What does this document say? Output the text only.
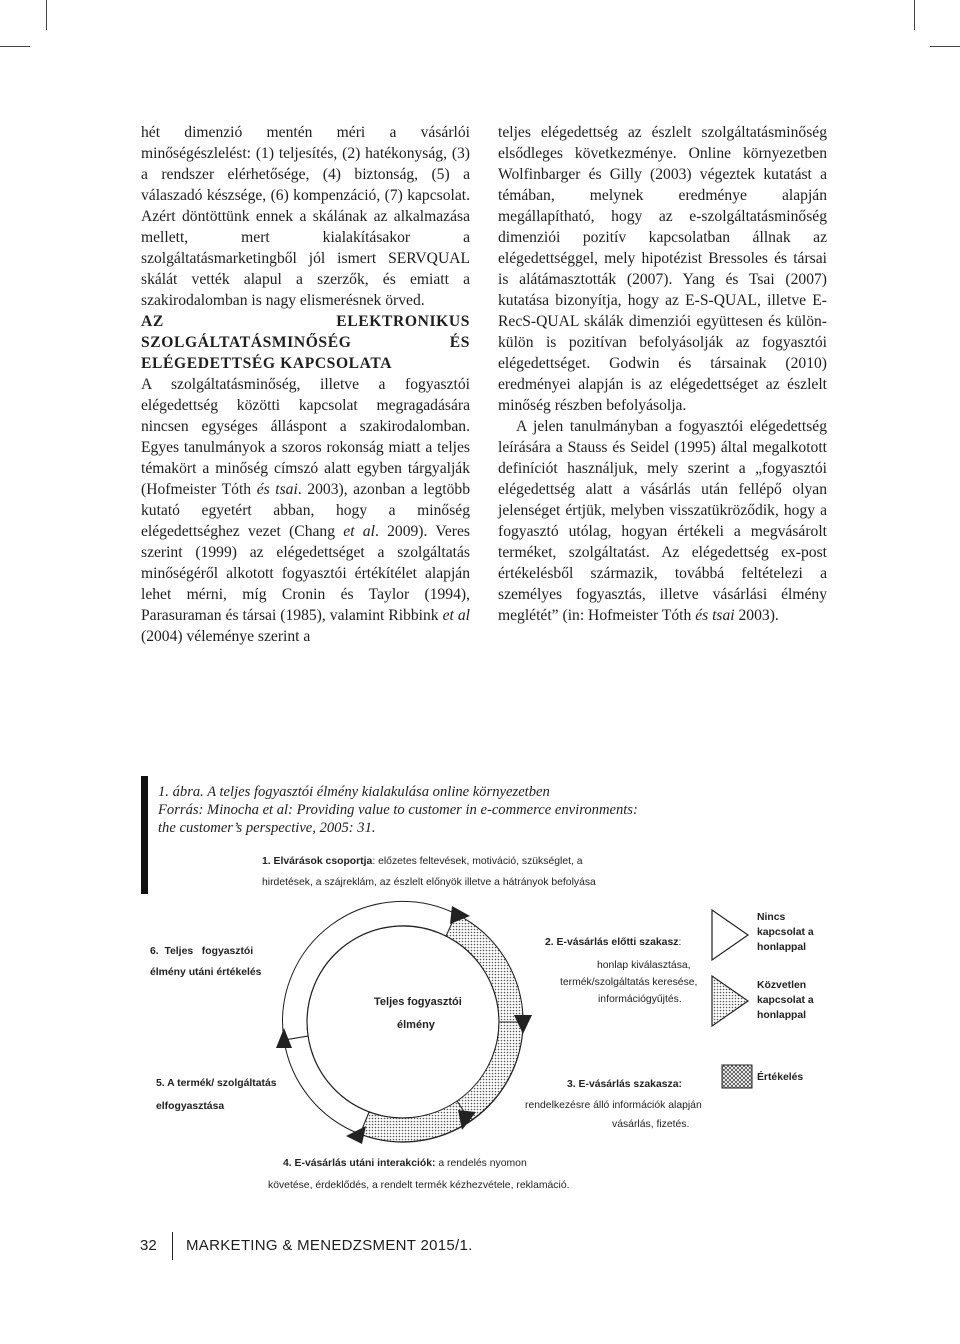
hét dimenzió mentén méri a vásárlói minőségészlelést: (1) teljesítés, (2) hatékonyság, (3) a rendszer elérhetősége, (4) biztonság, (5) a válaszadó készsége, (6) kompenzáció, (7) kapcsolat. Azért döntöttünk ennek a skálának az alkalmazása mellett, mert kialakításakor a szolgáltatásmarketingből jól ismert SERVQUAL skálát vették alapul a szerzők, és emiatt a szakirodalomban is nagy elismerésnek örved.

AZ ELEKTRONIKUS SZOLGÁLTATÁSMINŐSÉG ÉS ELÉGEDETTSÉG KAPCSOLATA

A szolgáltatásminőség, illetve a fogyasztói elégedettség közötti kapcsolat megragadására nincsen egységes álláspont a szakirodalomban. Egyes tanulmányok a szoros rokonság miatt a teljes témakört a minőség címszó alatt egyben tárgyalják (Hofmeister Tóth és tsai. 2003), azonban a legtöbb kutató egyetért abban, hogy a minőség elégedettséghez vezet (Chang et al. 2009). Veres szerint (1999) az elégedettséget a szolgáltatás minőségéről alkotott fogyasztói értékítélet alapján lehet mérni, míg Cronin és Taylor (1994), Parasuraman és társai (1985), valamint Ribbink et al (2004) véleménye szerint a

teljes elégedettség az észlelt szolgáltatásminőség elsődleges következménye. Online környezetben Wolfinbarger és Gilly (2003) végeztek kutatást a témában, melynek eredménye alapján megállapítható, hogy az e-szolgáltatásminőség dimenziói pozitív kapcsolatban állnak az elégedettséggel, mely hipotézist Bressoles és társai is alátámasztották (2007). Yang és Tsai (2007) kutatása bizonyítja, hogy az E-S-QUAL, illetve E-RecS-QUAL skálák dimenziói együttesen és külön-külön is pozitívan befolyásolják az fogyasztói elégedettséget. Godwin és társainak (2010) eredményei alapján is az elégedettséget az észlelt minőség részben befolyásolja.

A jelen tanulmányban a fogyasztói elégedettség leírására a Stauss és Seidel (1995) által megalkotott definíciót használjuk, mely szerint a „fogyasztói elégedettség alatt a vásárlás után fellépő olyan jelenséget értjük, melyben visszatükröződik, hogy a fogyasztó utólag, hogyan értékeli a megvásárolt terméket, szolgáltatást. Az elégedettség ex-post értékelésből származik, továbbá feltételezi a személyes fogyasztás, illetve vásárlási élmény meglétét” (in: Hofmeister Tóth és tsai 2003).

1. ábra. A teljes fogyasztói élmény kialakulása online környezetben
Forrás: Minocha et al: Providing value to customer in e-commerce environments:
the customer’s perspective, 2005: 31.
Teljes fogyasztói
élmény
1. Elvárások csoportja: előzetes feltevések, motiváció, szükséglet, a
hirdetések, a szájreklám, az észlelt előnyök illetve a hátrányok befolyása
2. E-vásárlás előtti szakasz:
honlap kiválasztása,
termék/szolgáltatás keresése,
információgyűjtés.
3. E-vásárlás szakasza:
rendelkezésre álló információk alapján
vásárlás, fizetés.
4. E-vásárlás utáni interakciók: a rendelés nyomon
követése, érdeklődés, a rendelt termék kézhezvétele, reklamáció.
5. A termék/ szolgáltatás
elfogyasztása
6.  Teljes   fogyasztói
élmény utáni értékelés
Nincs
kapcsolat a
honlappal
Közvetlen
kapcsolat a
honlappal
Értékelés
32 MARKETING & MENEDZSMENT 2015/1.
